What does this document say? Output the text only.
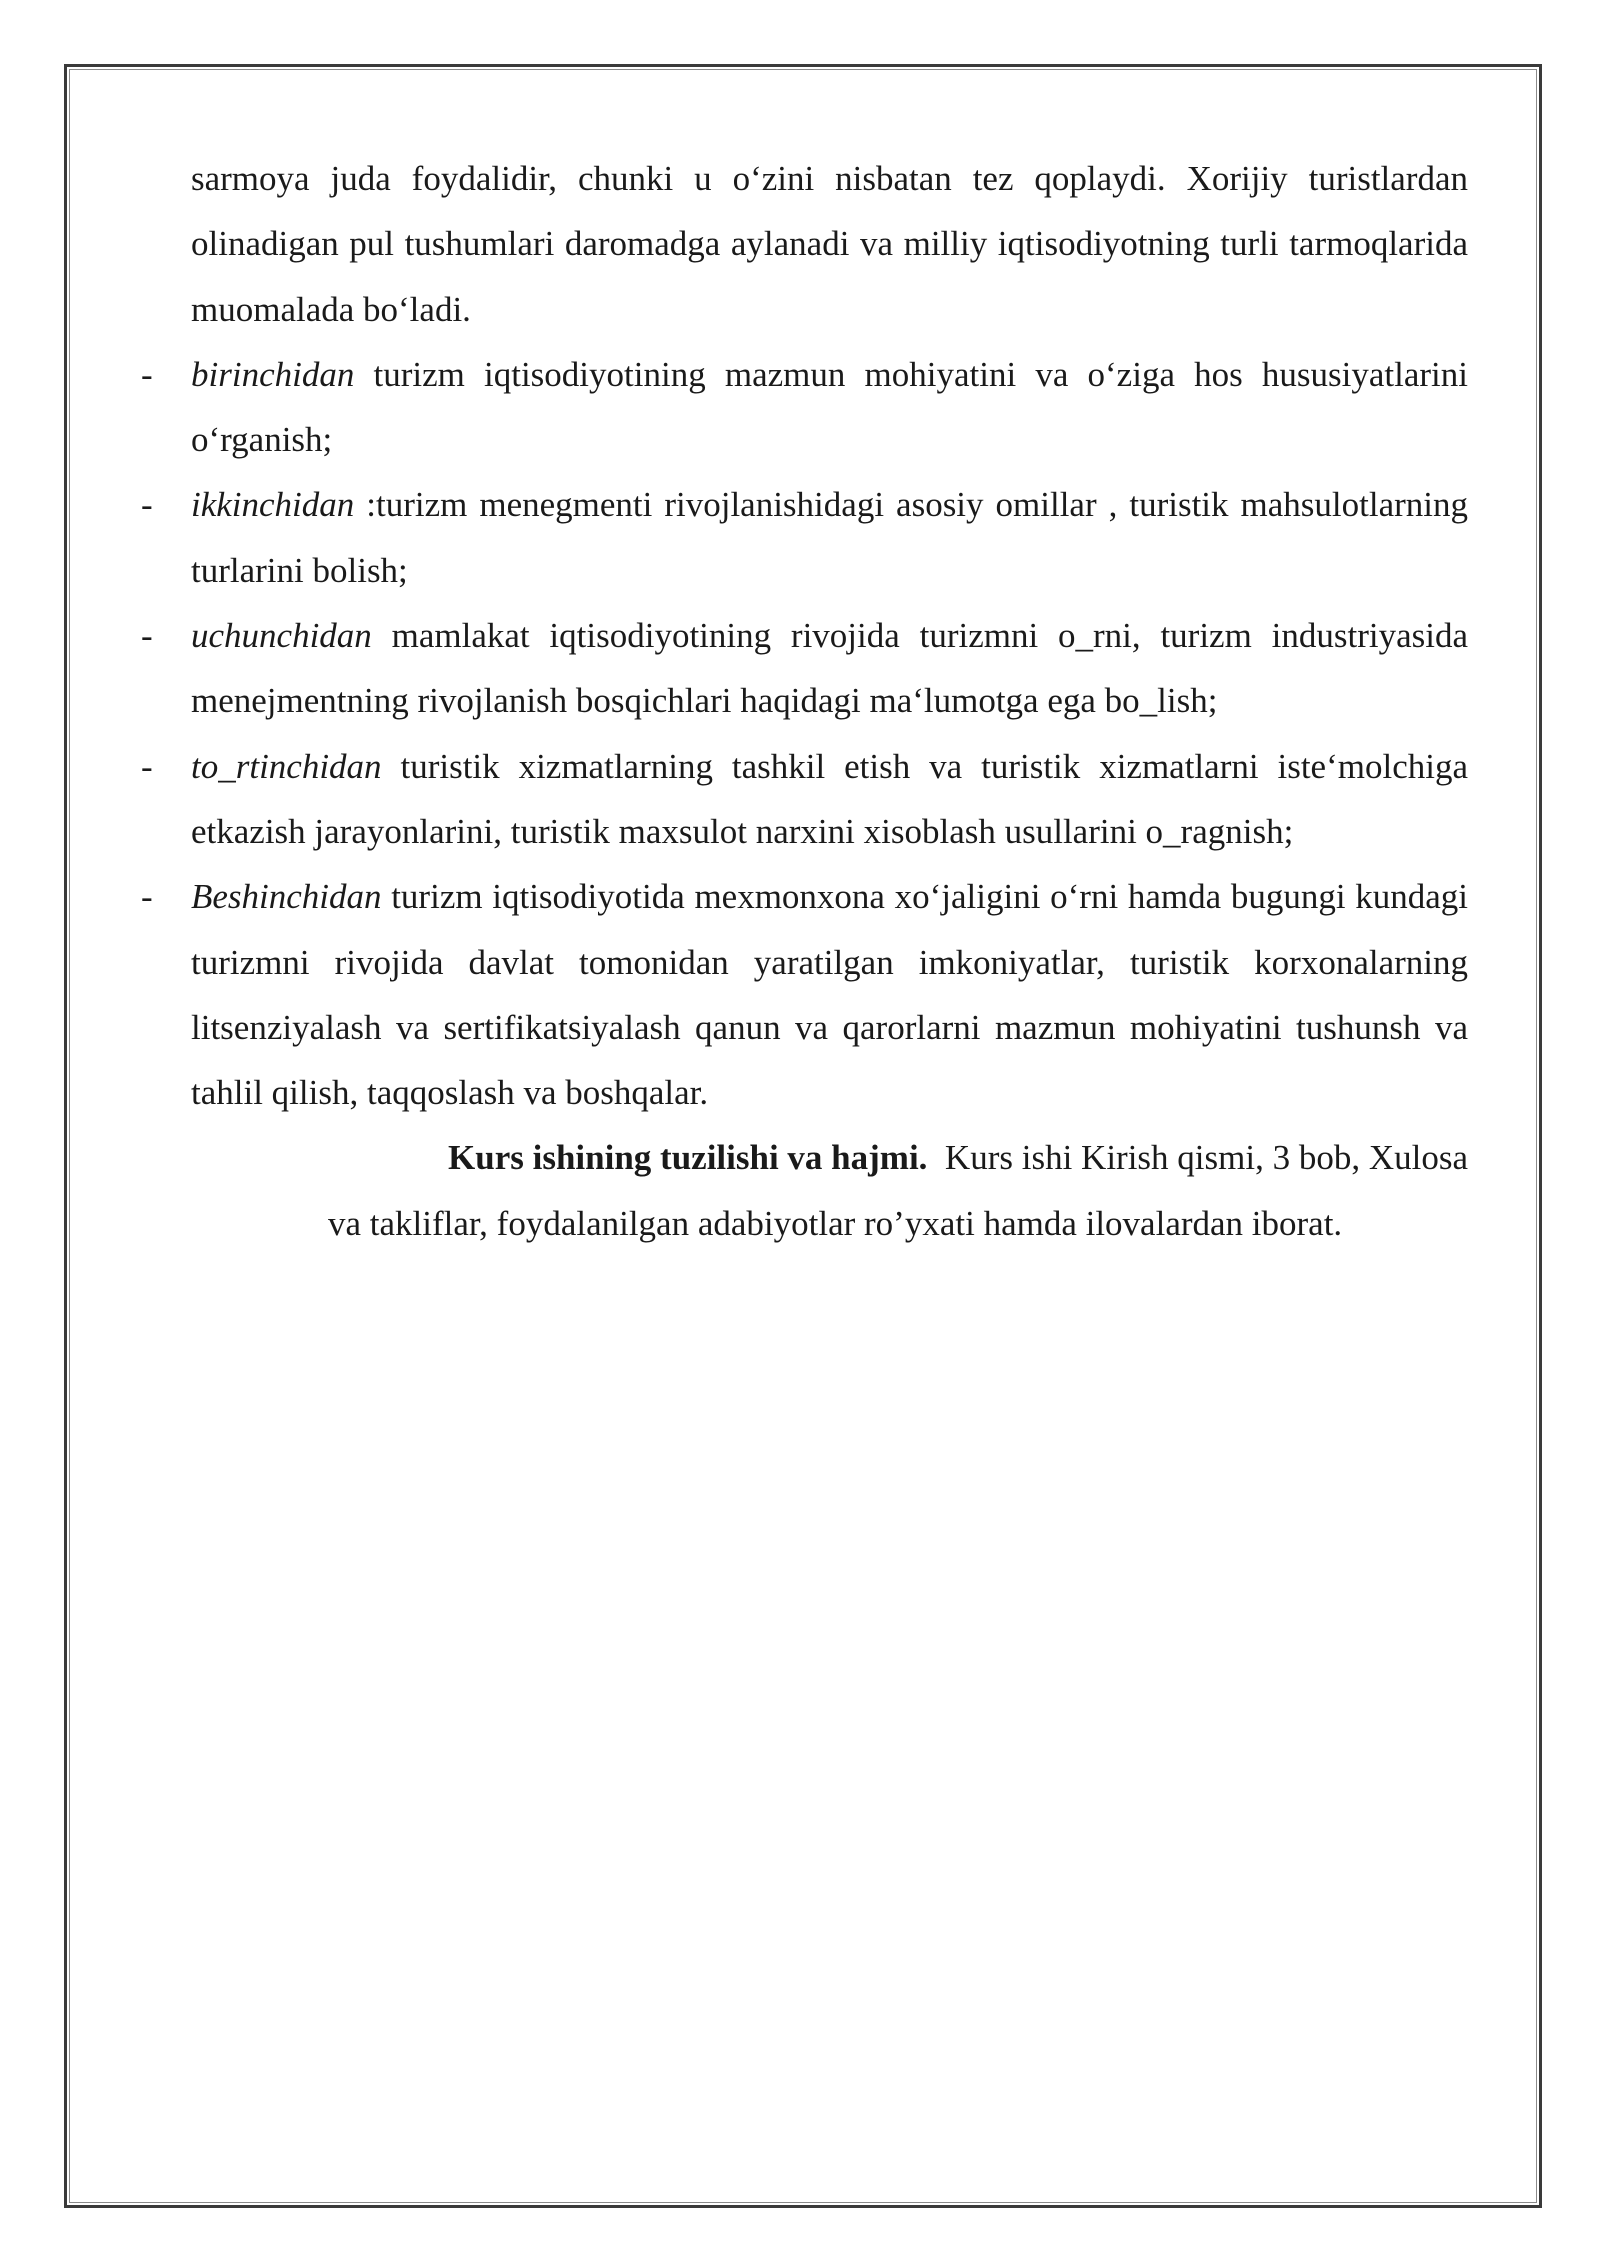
sarmoya juda foydalidir, chunki u o‘zini nisbatan tez qoplaydi. Xorijiy turistlardan olinadigan pul tushumlari daromadga aylanadi va milliy iqtisodiyotning turli tarmoqlarida muomalada bo‘ladi.

- birinchidan turizm iqtisodiyotining mazmun mohiyatini va o‘ziga hos hususiyatlarini o‘rganish;
- ikkinchidan :turizm menegmenti rivojlanishidagi asosiy omillar , turistik mahsulotlarning turlarini bolish;
- uchunchidan mamlakat iqtisodiyotining rivojida turizmni o_rni, turizm industriyasida menejmentning rivojlanish bosqichlari haqidagi ma‘lumotga ega bo_lish;
- to_rtinchidan turistik xizmatlarning tashkil etish va turistik xizmatlarni iste‘molchiga etkazish jarayonlarini, turistik maxsulot narxini xisoblash usullarini o_ragnish;
- Beshinchidan turizm iqtisodiyotida mexmonxona xo‘jaligini o‘rni hamda bugungi kundagi turizmni rivojida davlat tomonidan yaratilgan imkoniyatlar, turistik korxonalarning litsenziyalash va sertifikatsiyalash qanun va qarorlarni mazmun mohiyatini tushunsh va tahlil qilish, taqqoslash va boshqalar.

Kurs ishining tuzilishi va hajmi.  Kurs ishi Kirish qismi, 3 bob, Xulosa
va takliflar, foydalanilgan adabiyotlar ro’yxati hamda ilovalardan iborat.
